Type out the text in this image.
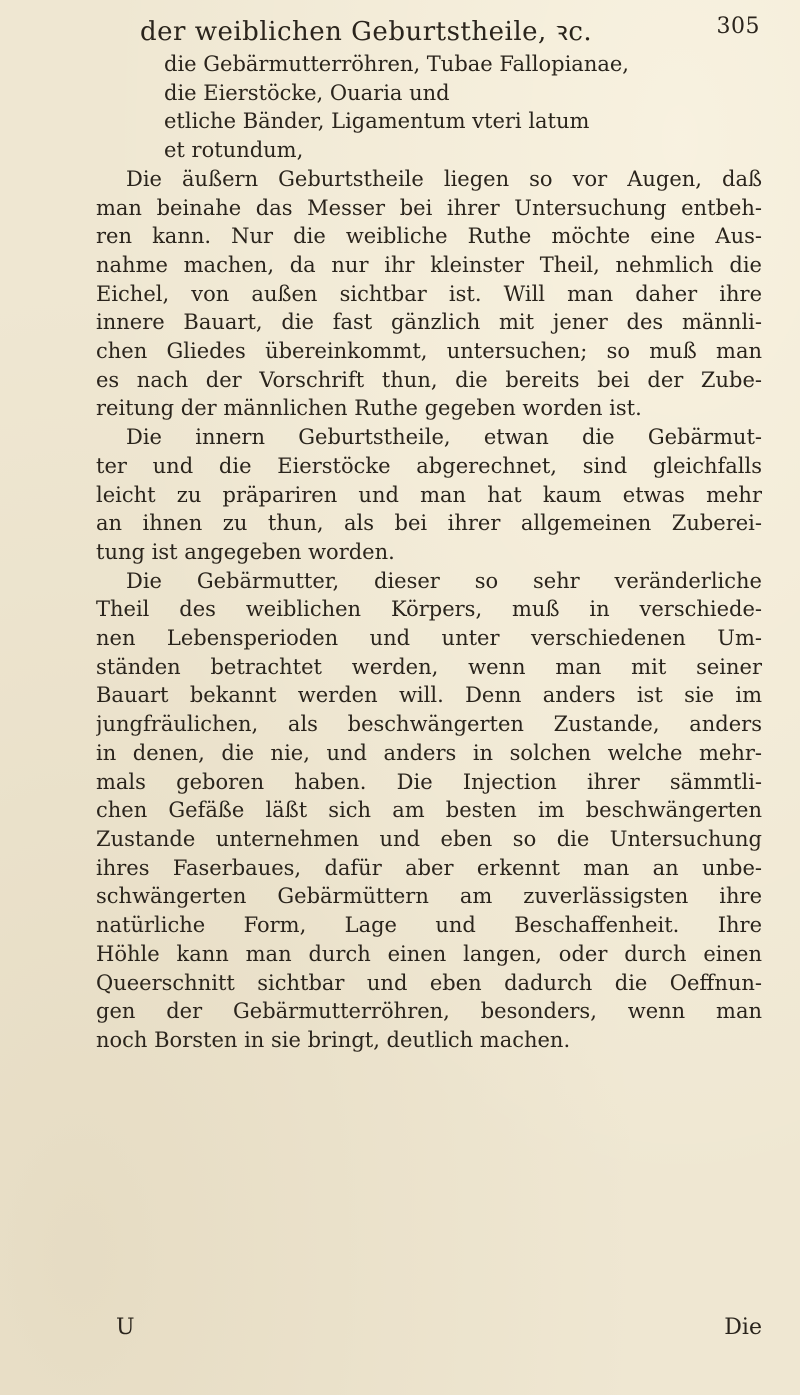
der weiblichen Geburtstheile, ꝛc.	305
die Gebärmutterröhren, Tubae Fallopianae,
die Eierstöcke, Ouaria und
etliche Bänder, Ligamentum vteri latum
et rotundum,
Die äußern Geburtstheile liegen so vor Augen, daß
man beinahe das Messer bei ihrer Untersuchung entbeh-
ren kann. Nur die weibliche Ruthe möchte eine Aus-
nahme machen, da nur ihr kleinster Theil, nehmlich die
Eichel, von außen sichtbar ist. Will man daher ihre
innere Bauart, die fast gänzlich mit jener des männli-
chen Gliedes übereinkommt, untersuchen; so muß man
es nach der Vorschrift thun, die bereits bei der Zube-
reitung der männlichen Ruthe gegeben worden ist.
Die innern Geburtstheile, etwan die Gebärmut-
ter und die Eierstöcke abgerechnet, sind gleichfalls
leicht zu präpariren und man hat kaum etwas mehr
an ihnen zu thun, als bei ihrer allgemeinen Zuberei-
tung ist angegeben worden.
Die Gebärmutter, dieser so sehr veränderliche
Theil des weiblichen Körpers, muß in verschiede-
nen Lebensperioden und unter verschiedenen Um-
ständen betrachtet werden, wenn man mit seiner
Bauart bekannt werden will. Denn anders ist sie im
jungfräulichen, als beschwängerten Zustande, anders
in denen, die nie, und anders in solchen welche mehr-
mals geboren haben. Die Injection ihrer sämmtli-
chen Gefäße läßt sich am besten im beschwängerten
Zustande unternehmen und eben so die Untersuchung
ihres Faserbaues, dafür aber erkennt man an unbe-
schwängerten Gebärmüttern am zuverlässigsten ihre
natürliche Form, Lage und Beschaffenheit. Ihre
Höhle kann man durch einen langen, oder durch einen
Queerschnitt sichtbar und eben dadurch die Oeffnun-
gen der Gebärmutterröhren, besonders, wenn man
noch Borsten in sie bringt, deutlich machen.
U	Die
